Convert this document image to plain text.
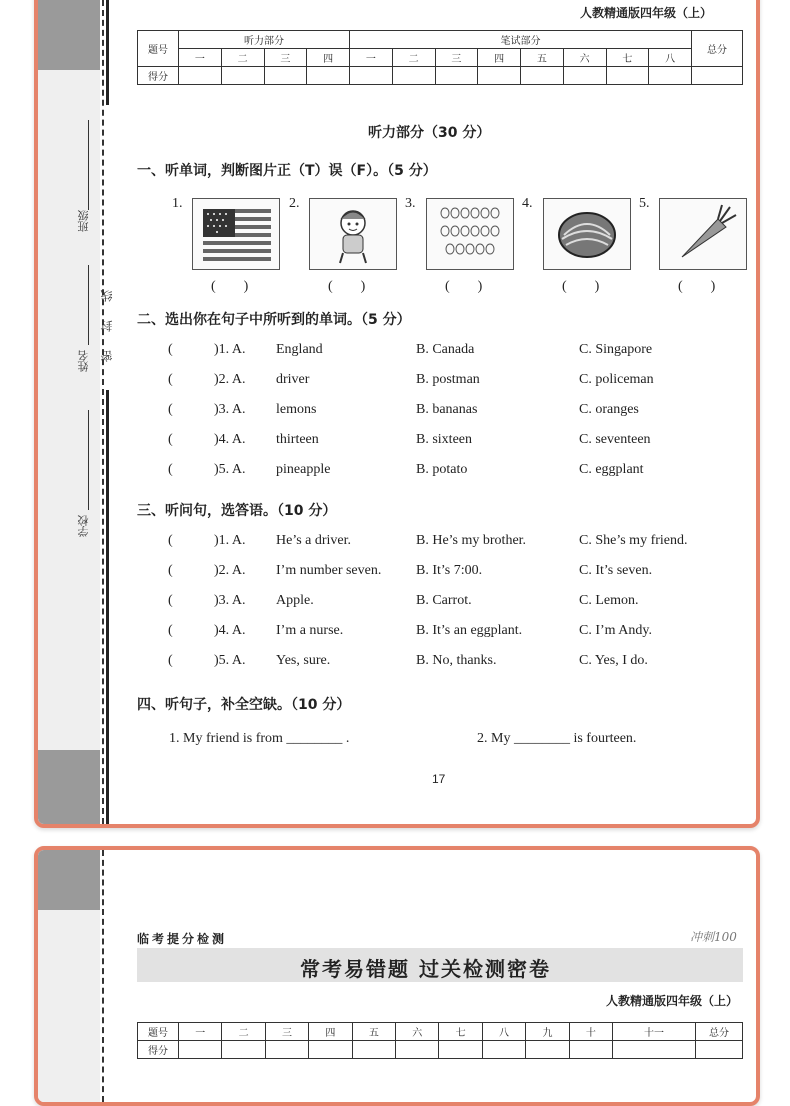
班级
姓名
线
封
密
学校
人教精通版四年级（上）
题号	听力部分				笔试部分								总分
	一	二	三	四	一	二	三	四	五	六	七	八	
得分													
听力部分（30 分）
一、听单词，判断图片正（T）误（F）。（5 分）
1.
(　　)
2.
(　　)
3.
(　　)
4.
(　　)
5.
(　　)
二、选出你在句子中所听到的单词。（5 分）
(	)1. A. England	B. Canada	C. Singapore
(	)2. A. driver	B. postman	C. policeman
(	)3. A. lemons	B. bananas	C. oranges
(	)4. A. thirteen	B. sixteen	C. seventeen
(	)5. A. pineapple	B. potato	C. eggplant
三、听问句，选答语。（10 分）
(	)1. A. He’s a driver.	B. He’s my brother.	C. She’s my friend.
(	)2. A. I’m number seven. B. It’s 7:00.	C. It’s seven.
(	)3. A. Apple.	B. Carrot.	C. Lemon.
(	)4. A. I’m a nurse.	B. It’s an eggplant.	C. I’m Andy.
(	)5. A. Yes, sure.	B. No, thanks.	C. Yes, I do.
四、听句子，补全空缺。（10 分）
1. My friend is from ________ .	2. My ________ is fourteen.
17
临考提分检测	冲刺100
常考易错题 过关检测密卷
人教精通版四年级（上）
题号	一	二	三	四	五	六	七	八	九	十	十一	总分
得分												
